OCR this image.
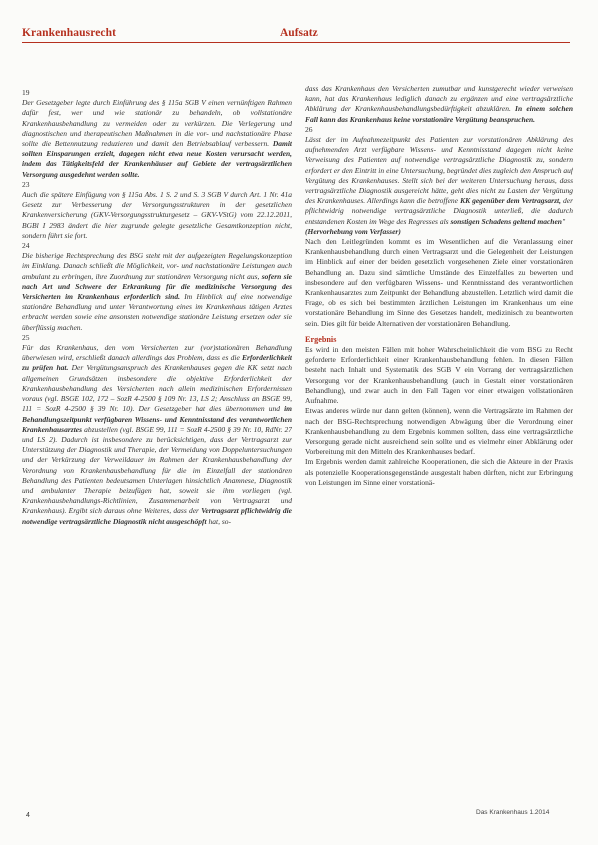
Krankenhausrecht	Aufsatz

19

Der Gesetzgeber legte durch Einführung des § 115a SGB V einen vernünftigen Rahmen dafür fest, wer und wie stationär zu behandeln, ob vollstationäre Krankenhausbehandlung zu vermeiden oder zu verkürzen. Die Verlegerung und diagnostischen und therapeutischen Maßnahmen in die vor- und nachstationäre Phase sollte die Bettennutzung reduzieren und damit den Betriebsablauf verbessern. Damit sollten Einsparungen erzielt, dagegen nicht etwa neue Kosten verursacht werden, indem das Tätigkeitsfeld der Krankenhäuser auf Gebiete der vertragsärztlichen Versorgung ausgedehnt werden sollte.

23

Auch die spätere Einfügung von § 115a Abs. 1 S. 2 und S. 3 SGB V durch Art. 1 Nr. 41a Gesetz zur Verbesserung der Versorgungsstrukturen in der gesetzlichen Krankenversicherung (GKV-Versorgungsstrukturgesetz – GKV-VStG) vom 22.12.2011, BGBl I 2983 ändert die hier zugrunde gelegte gesetzliche Gesamtkonzeption nicht, sondern führt sie fort.

24

Die bisherige Rechtsprechung des BSG steht mit der aufgezeigten Regelungskonzeption im Einklang. Danach schließt die Möglichkeit, vor- und nachstationäre Leistungen auch ambulant zu erbringen, ihre Zuordnung zur stationären Versorgung nicht aus, sofern sie nach Art und Schwere der Erkrankung für die medizinische Versorgung des Versicherten im Krankenhaus erforderlich sind. Im Hinblick auf eine notwendige stationäre Behandlung und unter Verantwortung eines im Krankenhaus tätigen Arztes erbracht werden sowie eine ansonsten notwendige stationäre Leistung ersetzen oder sie überflüssig machen.

25

Für das Krankenhaus, den vom Versicherten zur (vor)stationären Behandlung überwiesen wird, erschließt danach allerdings das Problem, dass es die Erforderlichkeit zu prüfen hat. Der Vergütungsanspruch des Krankenhauses gegen die KK setzt nach allgemeinen Grundsätzen insbesondere die objektive Erforderlichkeit der Krankenhausbehandlung des Versicherten nach allein medizinischen Erfordernissen voraus (vgl. BSGE 102, 172 – SozR 4-2500 § 109 Nr. 13, LS 2; Anschluss an BSGE 99, 111 = SozR 4-2500 § 39 Nr. 10). Der Gesetzgeber hat dies übernommen und im Behandlungszeitpunkt verfügbaren Wissens- und Kenntnisstand des verantwortlichen Krankenhausarztes abzustellen (vgl. BSGE 99, 111 = SozR 4-2500 § 39 Nr. 10, RdNr. 27 und LS 2). Dadurch ist insbesondere zu berücksichtigen, dass der Vertragsarzt zur Unterstützung der Diagnostik und Therapie, der Vermeidung von Doppeluntersuchungen und der Verkürzung der Verweildauer im Rahmen der Krankenhausbehandlung der Verordnung von Krankenhausbehandlung für die im Einzelfall der stationären Behandlung des Patienten bedeutsamen Unterlagen hinsichtlich Anamnese, Diagnostik und ambulanter Therapie beizufügen hat, soweit sie ihm vorliegen (vgl. Krankenhausbehandlungs-Richtlinien, Zusammenarbeit von Vertragsarzt und Krankenhaus). Ergibt sich daraus ohne Weiteres, dass der Vertragsarzt pflichtwidrig die notwendige vertragsärztliche Diagnostik nicht ausgeschöpft hat, so-

dass das Krankenhaus den Versicherten zumutbar und kunstgerecht wieder verweisen kann, hat das Krankenhaus lediglich danach zu ergänzen und eine vertragsärztliche Abklärung der Krankenhausbehandlungsbedürftigkeit abzuklären. In einem solchen Fall kann das Krankenhaus keine vorstationäre Vergütung beanspruchen.

26

Lässt der im Aufnahmezeitpunkt des Patienten zur vorstationären Abklärung des aufnehmenden Arzt verfügbare Wissens- und Kenntnisstand dagegen nicht keine Verweisung des Patienten auf notwendige vertragsärztliche Diagnostik zu, sondern erfordert er den Eintritt in eine Untersuchung, begründet dies zugleich den Anspruch auf Vergütung des Krankenhauses. Stellt sich bei der weiteren Untersuchung heraus, dass vertragsärztliche Diagnostik ausgereicht hätte, geht dies nicht zu Lasten der Vergütung des Krankenhauses. Allerdings kann die betroffene KK gegenüber dem Vertragsarzt, der pflichtwidrig notwendige vertragsärztliche Diagnostik unterließ, die dadurch entstandenen Kosten im Wege des Regresses als sonstigen Schadens geltend machen"

(Hervorhebung vom Verfasser)

Nach den Leitlegründen kommt es im Wesentlichen auf die Veranlassung einer Krankenhausbehandlung durch einen Vertragsarzt und die Gelegenheit der Leistungen im Hinblick auf einer der beiden gesetzlich vorgesehenen Ziele einer vorstationären Behandlung an. Dazu sind sämtliche Umstände des Einzelfalles zu bewerten und insbesondere auf den verfügbaren Wissens- und Kenntnisstand des verantwortlichen Krankenhausarztes zum Zeitpunkt der Behandlung abzustellen. Letztlich wird damit die Frage, ob es sich bei bestimmten ärztlichen Leistungen im Krankenhaus um eine vorstationäre Behandlung im Sinne des Gesetzes handelt, medizinisch zu beantworten sein. Dies gilt für beide Alternativen der vorstationären Behandlung.

Ergebnis

Es wird in den meisten Fällen mit hoher Wahrscheinlichkeit die vom BSG zu Recht geforderte Erforderlichkeit einer Krankenhausbehandlung fehlen. In diesen Fällen besteht nach Inhalt und Systematik des SGB V ein Vorrang der vertragsärztlichen Versorgung vor der Krankenhausbehandlung (auch in Gestalt einer vorstationären Behandlung), und zwar auch in den Fall Tagen vor einer etwaigen vollstationären Aufnahme.

Etwas anderes würde nur dann gelten (können), wenn die Vertragsärzte im Rahmen der nach der BSG-Rechtsprechung notwendigen Abwägung über die Verordnung einer Krankenhausbehandlung zu dem Ergebnis kommen sollten, dass eine vertragsärztliche Versorgung gerade nicht ausreichend sein sollte und es vielmehr einer Abklärung oder Vorbereitung mit den Mitteln des Krankenhauses bedarf.

Im Ergebnis werden damit zahlreiche Kooperationen, die sich die Akteure in der Praxis als potenzielle Kooperationsgegenstände ausgestalt haben dürften, nicht zur Erbringung von Leistungen im Sinne einer vorstationä-

4	Das Krankenhaus 1.2014
